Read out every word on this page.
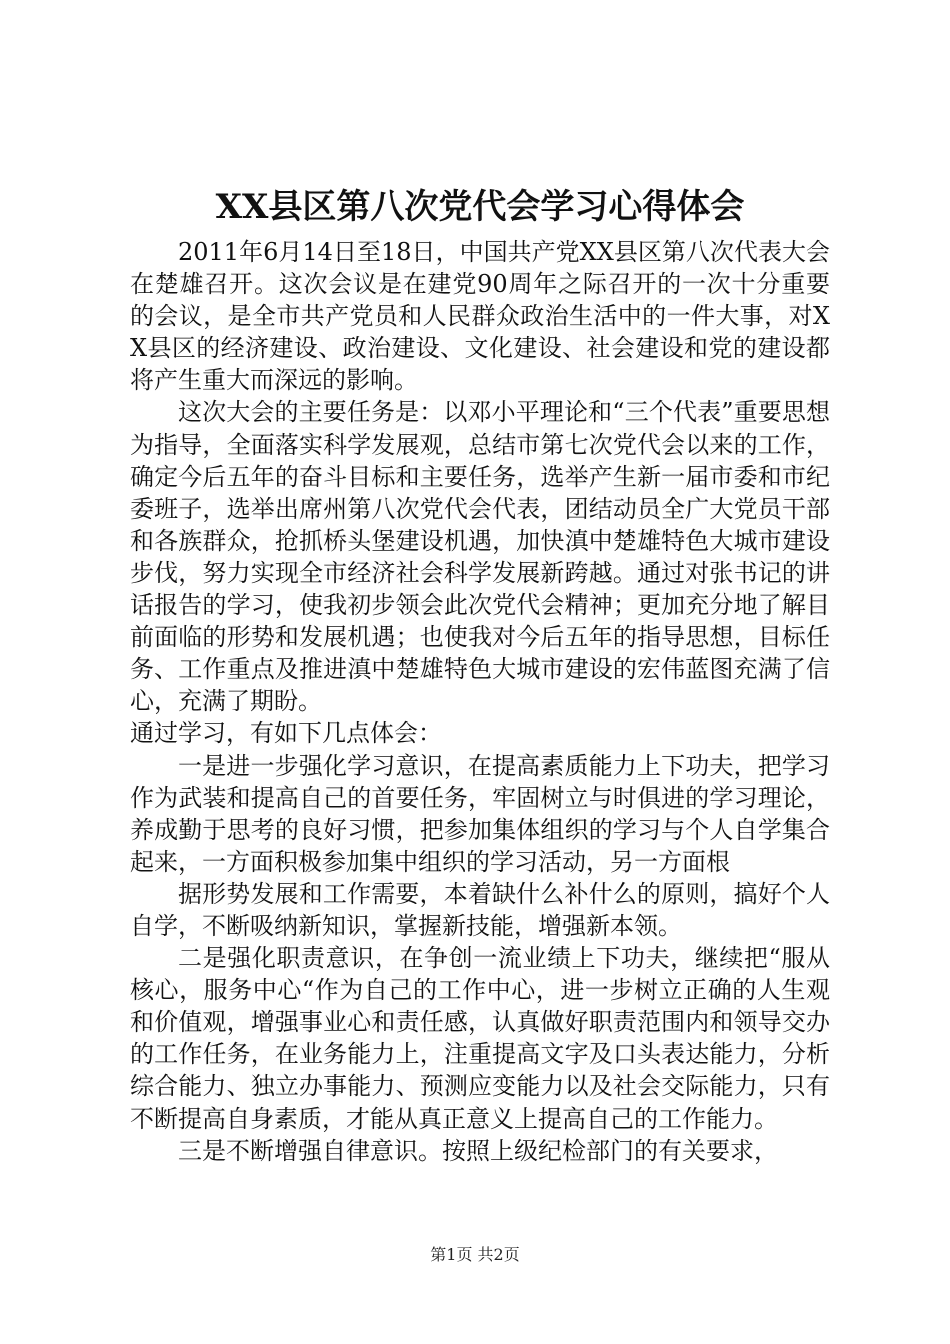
XX县区第八次党代会学习心得体会

2011年6月14日至18日，中国共产党XX县区第八次代表大会在楚雄召开。这次会议是在建党90周年之际召开的一次十分重要的会议，是全市共产党员和人民群众政治生活中的一件大事，对XX县区的经济建设、政治建设、文化建设、社会建设和党的建设都将产生重大而深远的影响。

这次大会的主要任务是：以邓小平理论和“三个代表”重要思想为指导，全面落实科学发展观，总结市第七次党代会以来的工作，确定今后五年的奋斗目标和主要任务，选举产生新一届市委和市纪委班子，选举出席州第八次党代会代表，团结动员全广大党员干部和各族群众，抢抓桥头堡建设机遇，加快滇中楚雄特色大城市建设步伐，努力实现全市经济社会科学发展新跨越。通过对张书记的讲话报告的学习，使我初步领会此次党代会精神；更加充分地了解目前面临的形势和发展机遇；也使我对今后五年的指导思想，目标任务、工作重点及推进滇中楚雄特色大城市建设的宏伟蓝图充满了信心，充满了期盼。

通过学习，有如下几点体会：

一是进一步强化学习意识，在提高素质能力上下功夫，把学习作为武装和提高自己的首要任务，牢固树立与时俱进的学习理论，养成勤于思考的良好习惯，把参加集体组织的学习与个人自学集合起来，一方面积极参加集中组织的学习活动，另一方面根

据形势发展和工作需要，本着缺什么补什么的原则，搞好个人自学，不断吸纳新知识，掌握新技能，增强新本领。

二是强化职责意识，在争创一流业绩上下功夫，继续把“服从核心，服务中心“作为自己的工作中心，进一步树立正确的人生观和价值观，增强事业心和责任感，认真做好职责范围内和领导交办的工作任务，在业务能力上，注重提高文字及口头表达能力，分析综合能力、独立办事能力、预测应变能力以及社会交际能力，只有不断提高自身素质，才能从真正意义上提高自己的工作能力。

三是不断增强自律意识。按照上级纪检部门的有关要求，

第1页 共2页
